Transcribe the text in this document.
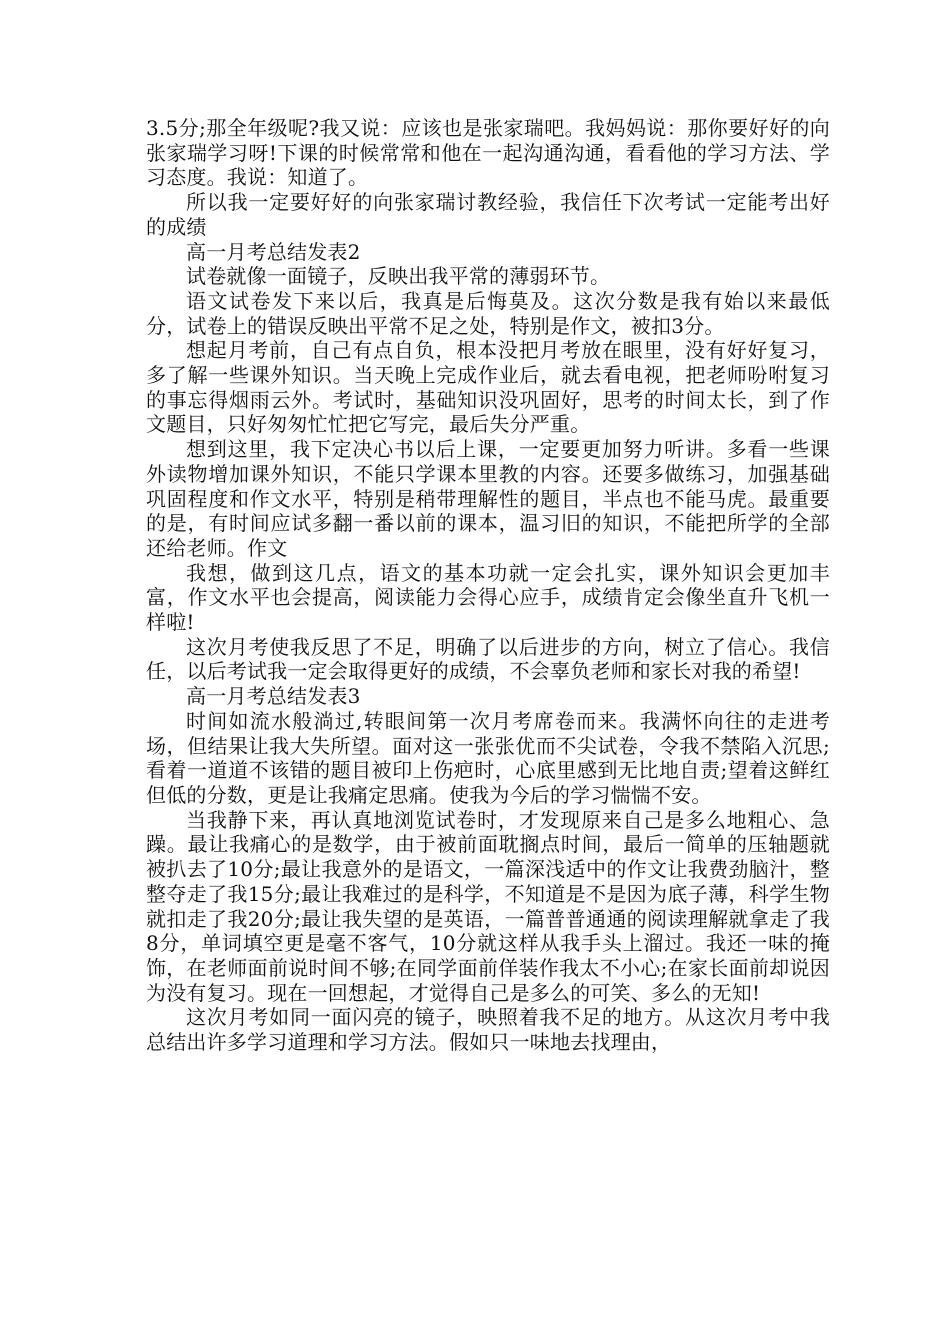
3.5分;那全年级呢?我又说：应该也是张家瑞吧。我妈妈说：那你要好好的向张家瑞学习呀!下课的时候常常和他在一起沟通沟通，看看他的学习方法、学习态度。我说：知道了。

所以我一定要好好的向张家瑞讨教经验，我信任下次考试一定能考出好的成绩

高一月考总结发表2

试卷就像一面镜子，反映出我平常的薄弱环节。

语文试卷发下来以后，我真是后悔莫及。这次分数是我有始以来最低分，试卷上的错误反映出平常不足之处，特别是作文，被扣3分。

想起月考前，自己有点自负，根本没把月考放在眼里，没有好好复习，多了解一些课外知识。当天晚上完成作业后，就去看电视，把老师吩咐复习的事忘得烟雨云外。考试时，基础知识没巩固好，思考的时间太长，到了作文题目，只好匆匆忙忙把它写完，最后失分严重。

想到这里，我下定决心书以后上课，一定要更加努力听讲。多看一些课外读物增加课外知识，不能只学课本里教的内容。还要多做练习，加强基础巩固程度和作文水平，特别是稍带理解性的题目，半点也不能马虎。最重要的是，有时间应试多翻一番以前的课本，温习旧的知识，不能把所学的全部还给老师。作文

我想，做到这几点，语文的基本功就一定会扎实，课外知识会更加丰富，作文水平也会提高，阅读能力会得心应手，成绩肯定会像坐直升飞机一样啦!

这次月考使我反思了不足，明确了以后进步的方向，树立了信心。我信任，以后考试我一定会取得更好的成绩，不会辜负老师和家长对我的希望!

高一月考总结发表3

时间如流水般淌过,转眼间第一次月考席卷而来。我满怀向往的走进考场，但结果让我大失所望。面对这一张张优而不尖试卷，令我不禁陷入沉思;看着一道道不该错的题目被印上伤疤时，心底里感到无比地自责;望着这鲜红但低的分数，更是让我痛定思痛。使我为今后的学习惴惴不安。

当我静下来，再认真地浏览试卷时，才发现原来自己是多么地粗心、急躁。最让我痛心的是数学，由于被前面耽搁点时间，最后一简单的压轴题就被扒去了10分;最让我意外的是语文，一篇深浅适中的作文让我费劲脑汁，整整夺走了我15分;最让我难过的是科学，不知道是不是因为底子薄，科学生物就扣走了我20分;最让我失望的是英语，一篇普普通通的阅读理解就拿走了我8分，单词填空更是毫不客气，10分就这样从我手头上溜过。我还一味的掩饰，在老师面前说时间不够;在同学面前佯装作我太不小心;在家长面前却说因为没有复习。现在一回想起，才觉得自己是多么的可笑、多么的无知!

这次月考如同一面闪亮的镜子，映照着我不足的地方。从这次月考中我总结出许多学习道理和学习方法。假如只一味地去找理由，
